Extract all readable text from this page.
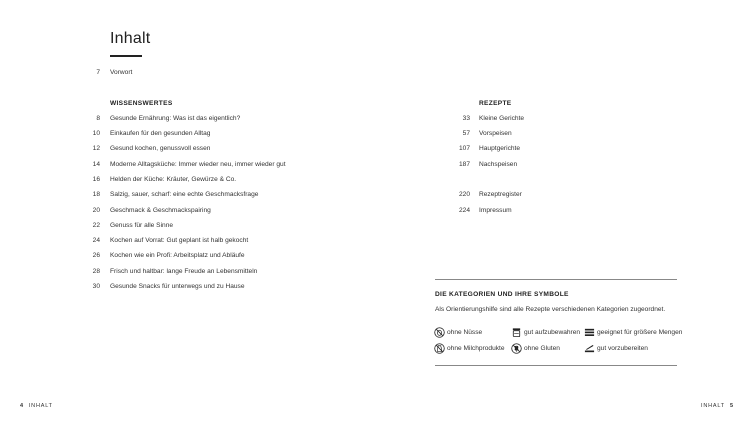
Inhalt
7 Vorwort
WISSENSWERTES
8 Gesunde Ernährung: Was ist das eigentlich?
10 Einkaufen für den gesunden Alltag
12 Gesund kochen, genussvoll essen
14 Moderne Alltagsküche: Immer wieder neu, immer wieder gut
16 Helden der Küche: Kräuter, Gewürze & Co.
18 Salzig, sauer, scharf: eine echte Geschmacksfrage
20 Geschmack & Geschmackspairing
22 Genuss für alle Sinne
24 Kochen auf Vorrat: Gut geplant ist halb gekocht
26 Kochen wie ein Profi: Arbeitsplatz und Abläufe
28 Frisch und haltbar: lange Freude an Lebensmitteln
30 Gesunde Snacks für unterwegs und zu Hause
REZEPTE
33 Kleine Gerichte
57 Vorspeisen
107 Hauptgerichte
187 Nachspeisen
220 Rezeptregister
224 Impressum
DIE KATEGORIEN UND IHRE SYMBOLE
Als Orientierungshilfe sind alle Rezepte verschiedenen Kategorien zugeordnet.
ohne Nüsse	gut aufzubewahren	geeignet für größere Mengen
ohne Milchprodukte	ohne Gluten	gut vorzubereiten
4 INHALT	INHALT 5
